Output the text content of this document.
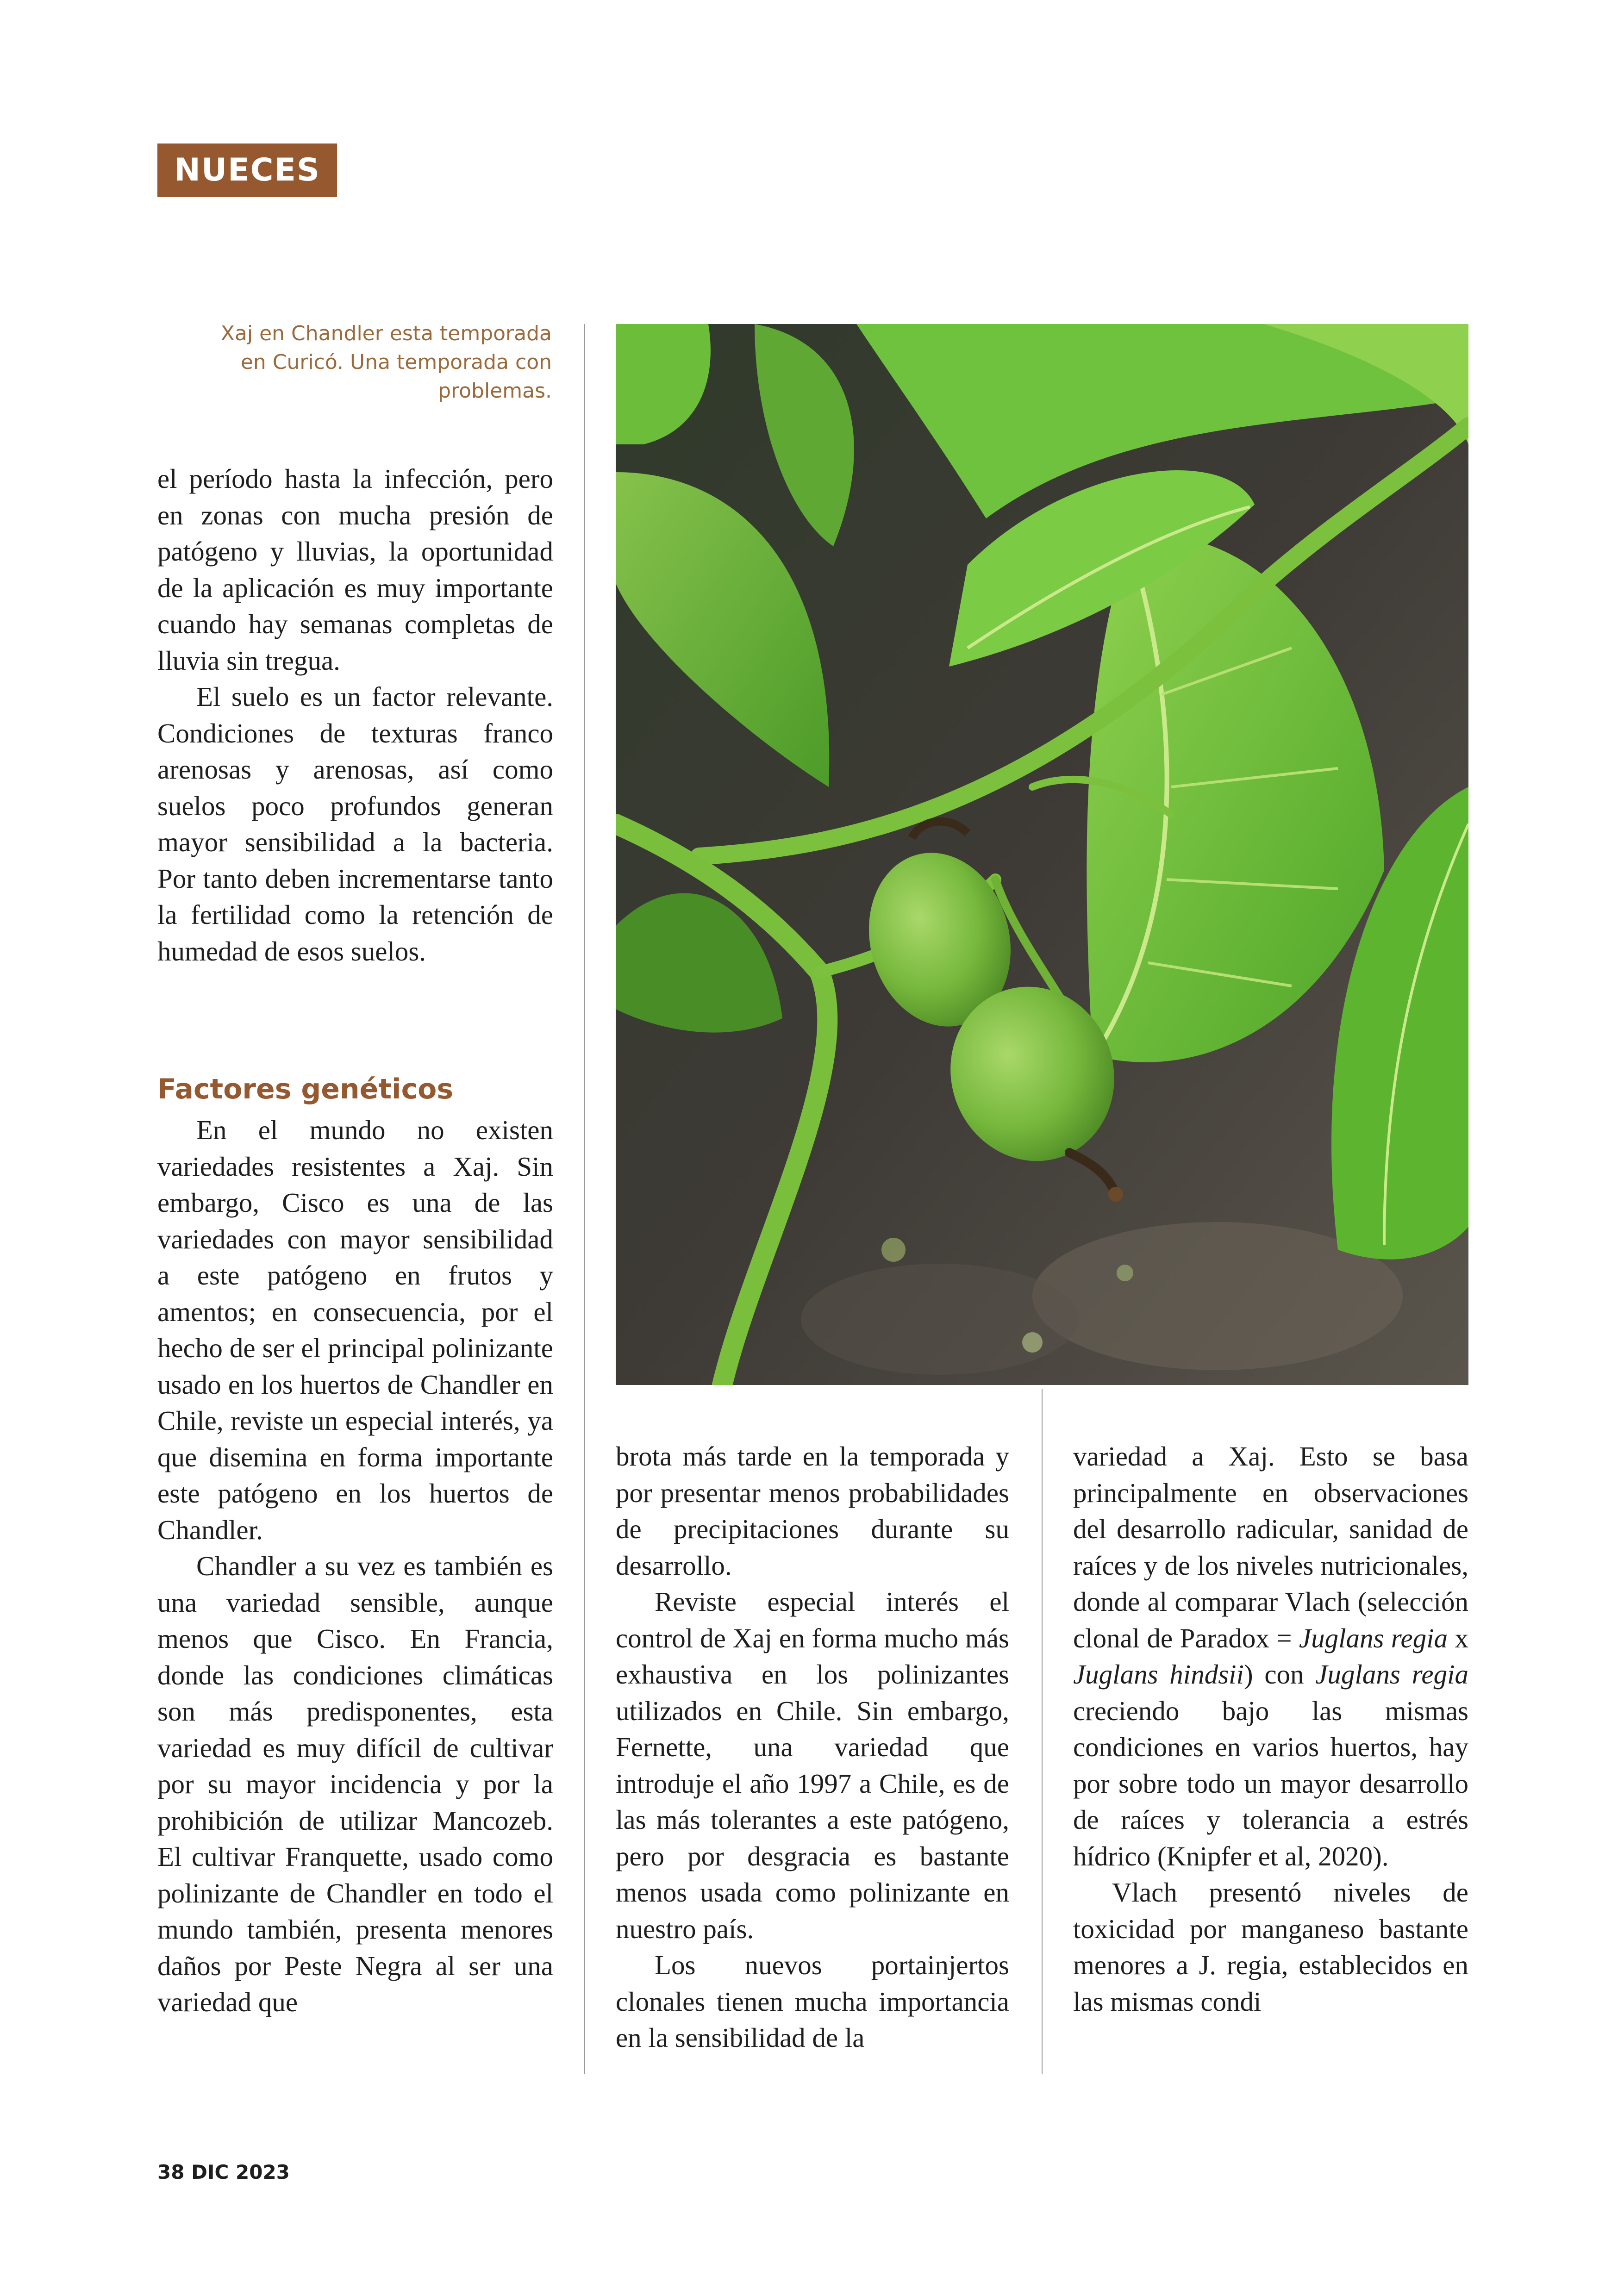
NUECES
Xaj en Chandler esta temporada en Curicó. Una temporada con problemas.

el período hasta la infección, pero en zonas con mucha presión de patógeno y lluvias, la oportunidad de la aplicación es muy importante cuando hay semanas completas de lluvia sin tregua.

El suelo es un factor relevante. Condiciones de texturas franco arenosas y arenosas, así como suelos poco profundos generan mayor sensibilidad a la bacteria. Por tanto deben incrementarse tanto la fertilidad como la retención de humedad de esos suelos.

Factores genéticos

En el mundo no existen variedades resistentes a Xaj. Sin embargo, Cisco es una de las variedades con mayor sensibilidad a este patógeno en frutos y amentos; en consecuencia, por el hecho de ser el principal polinizante usado en los huertos de Chandler en Chile, reviste un especial interés, ya que disemina en forma importante este patógeno en los huertos de Chandler.

Chandler a su vez es también es una variedad sensible, aunque menos que Cisco. En Francia, donde las condiciones climáticas son más predisponentes, esta variedad es muy difícil de cultivar por su mayor incidencia y por la prohibición de utilizar Mancozeb. El cultivar Franquette, usado como polinizante de Chandler en todo el mundo también, presenta menores daños por Peste Negra al ser una variedad que

brota más tarde en la temporada y por presentar menos probabilidades de precipitaciones durante su desarrollo.

Reviste especial interés el control de Xaj en forma mucho más exhaustiva en los polinizantes utilizados en Chile. Sin embargo, Fernette, una variedad que introduje el año 1997 a Chile, es de las más tolerantes a este patógeno, pero por desgracia es bastante menos usada como polinizante en nuestro país.

Los nuevos portainjertos clonales tienen mucha importancia en la sensibilidad de la

variedad a Xaj. Esto se basa principalmente en observaciones del desarrollo radicular, sanidad de raíces y de los niveles nutricionales, donde al comparar Vlach (selección clonal de Paradox = Juglans regia x Juglans hindsii) con Juglans regia creciendo bajo las mismas condiciones en varios huertos, hay por sobre todo un mayor desarrollo de raíces y tolerancia a estrés hídrico (Knipfer et al, 2020).

Vlach presentó niveles de toxicidad por manganeso bastante menores a J. regia, establecidos en las mismas condi

38 DIC 2023
